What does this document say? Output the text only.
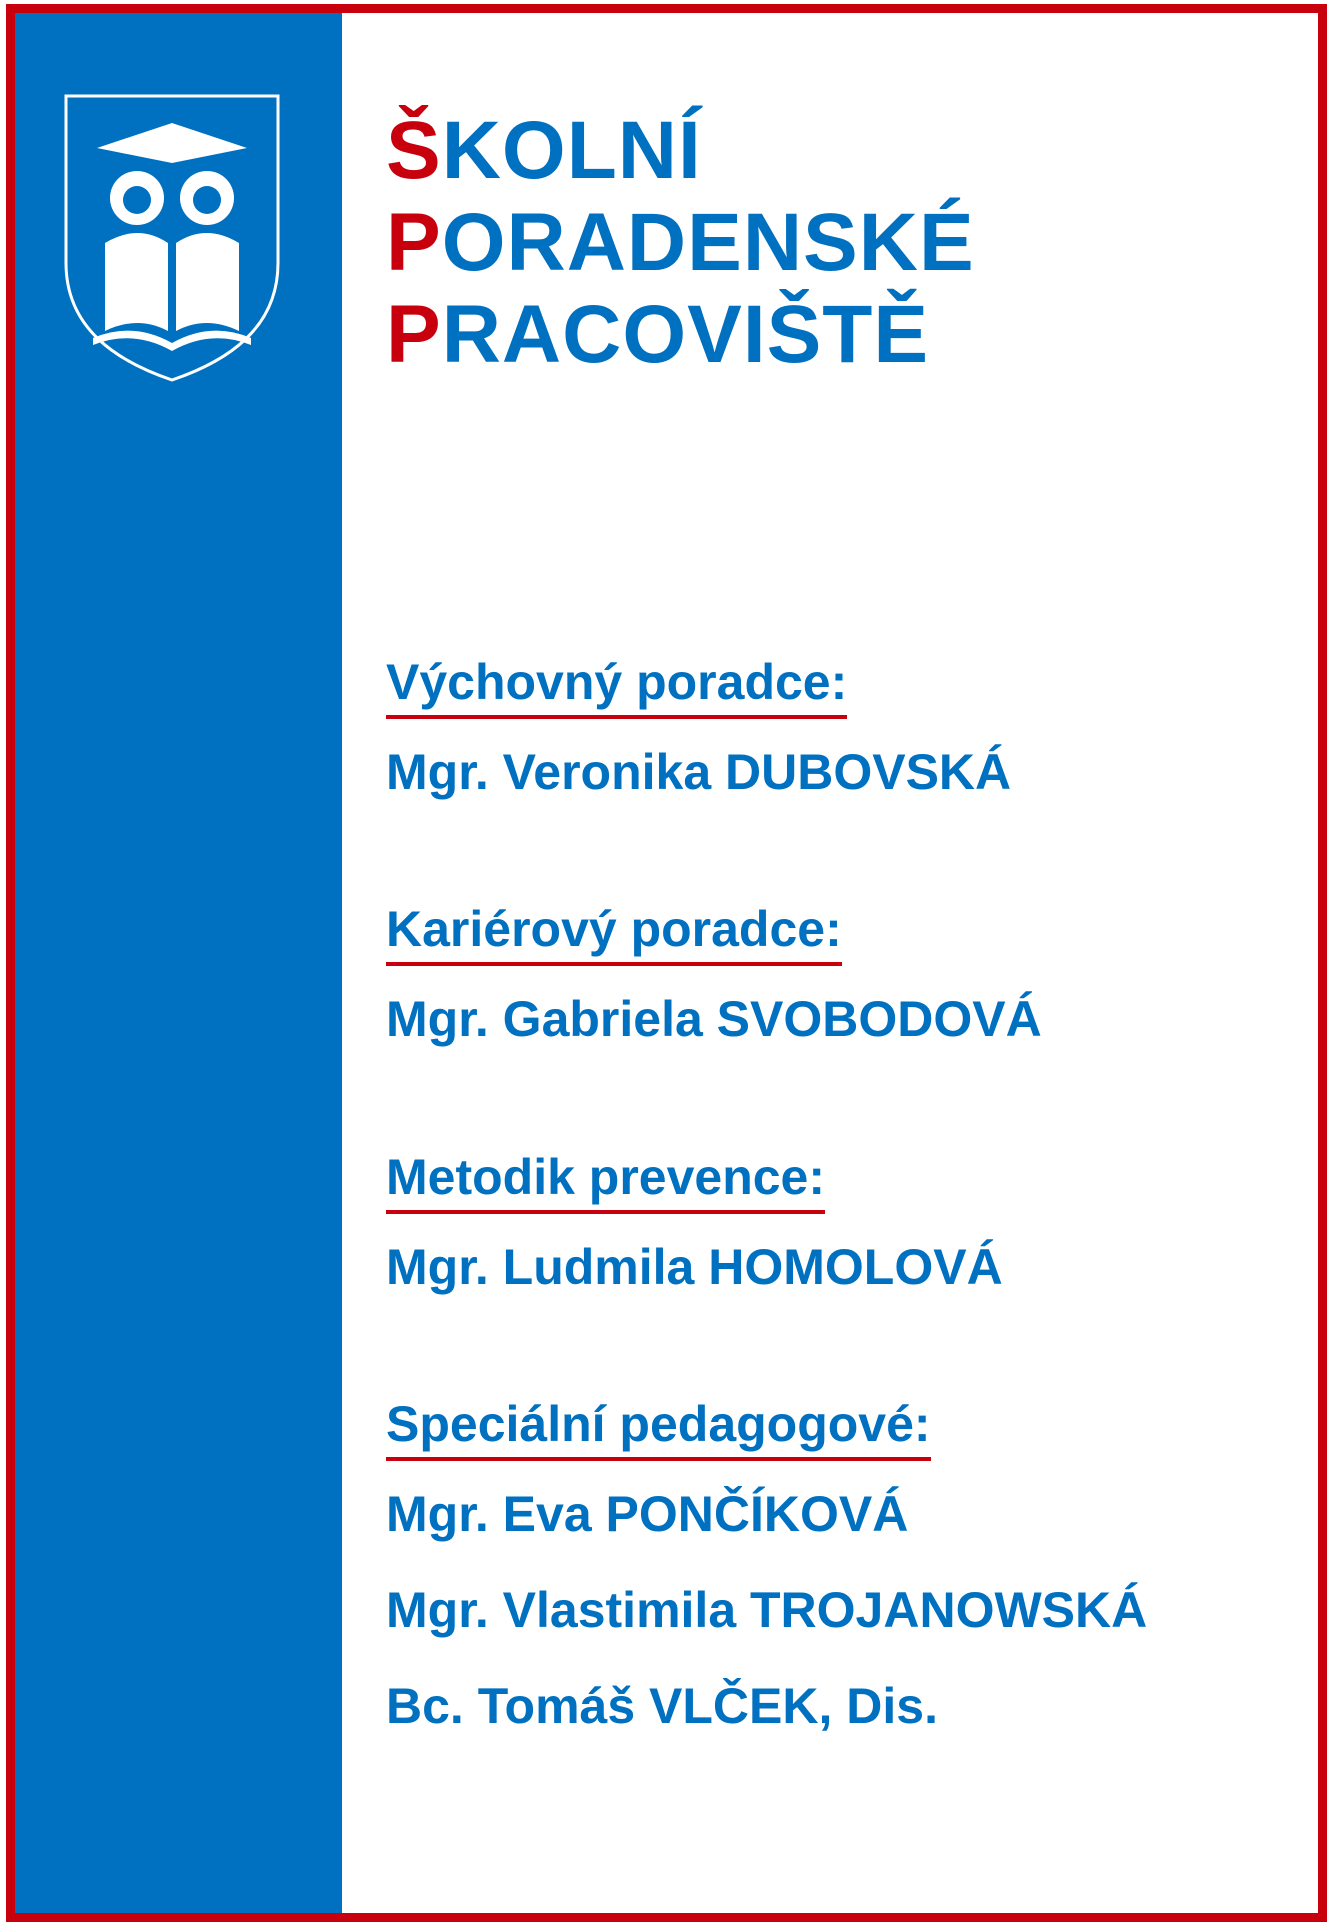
ŠKOLNÍ
PORADENSKÉ
PRACOVIŠTĚ
Výchovný poradce:
Mgr. Veronika DUBOVSKÁ
Kariérový poradce:
Mgr. Gabriela SVOBODOVÁ
Metodik prevence:
Mgr. Ludmila HOMOLOVÁ
Speciální pedagogové:
Mgr. Eva PONČÍKOVÁ
Mgr. Vlastimila TROJANOWSKÁ
Bc. Tomáš VLČEK, Dis.
